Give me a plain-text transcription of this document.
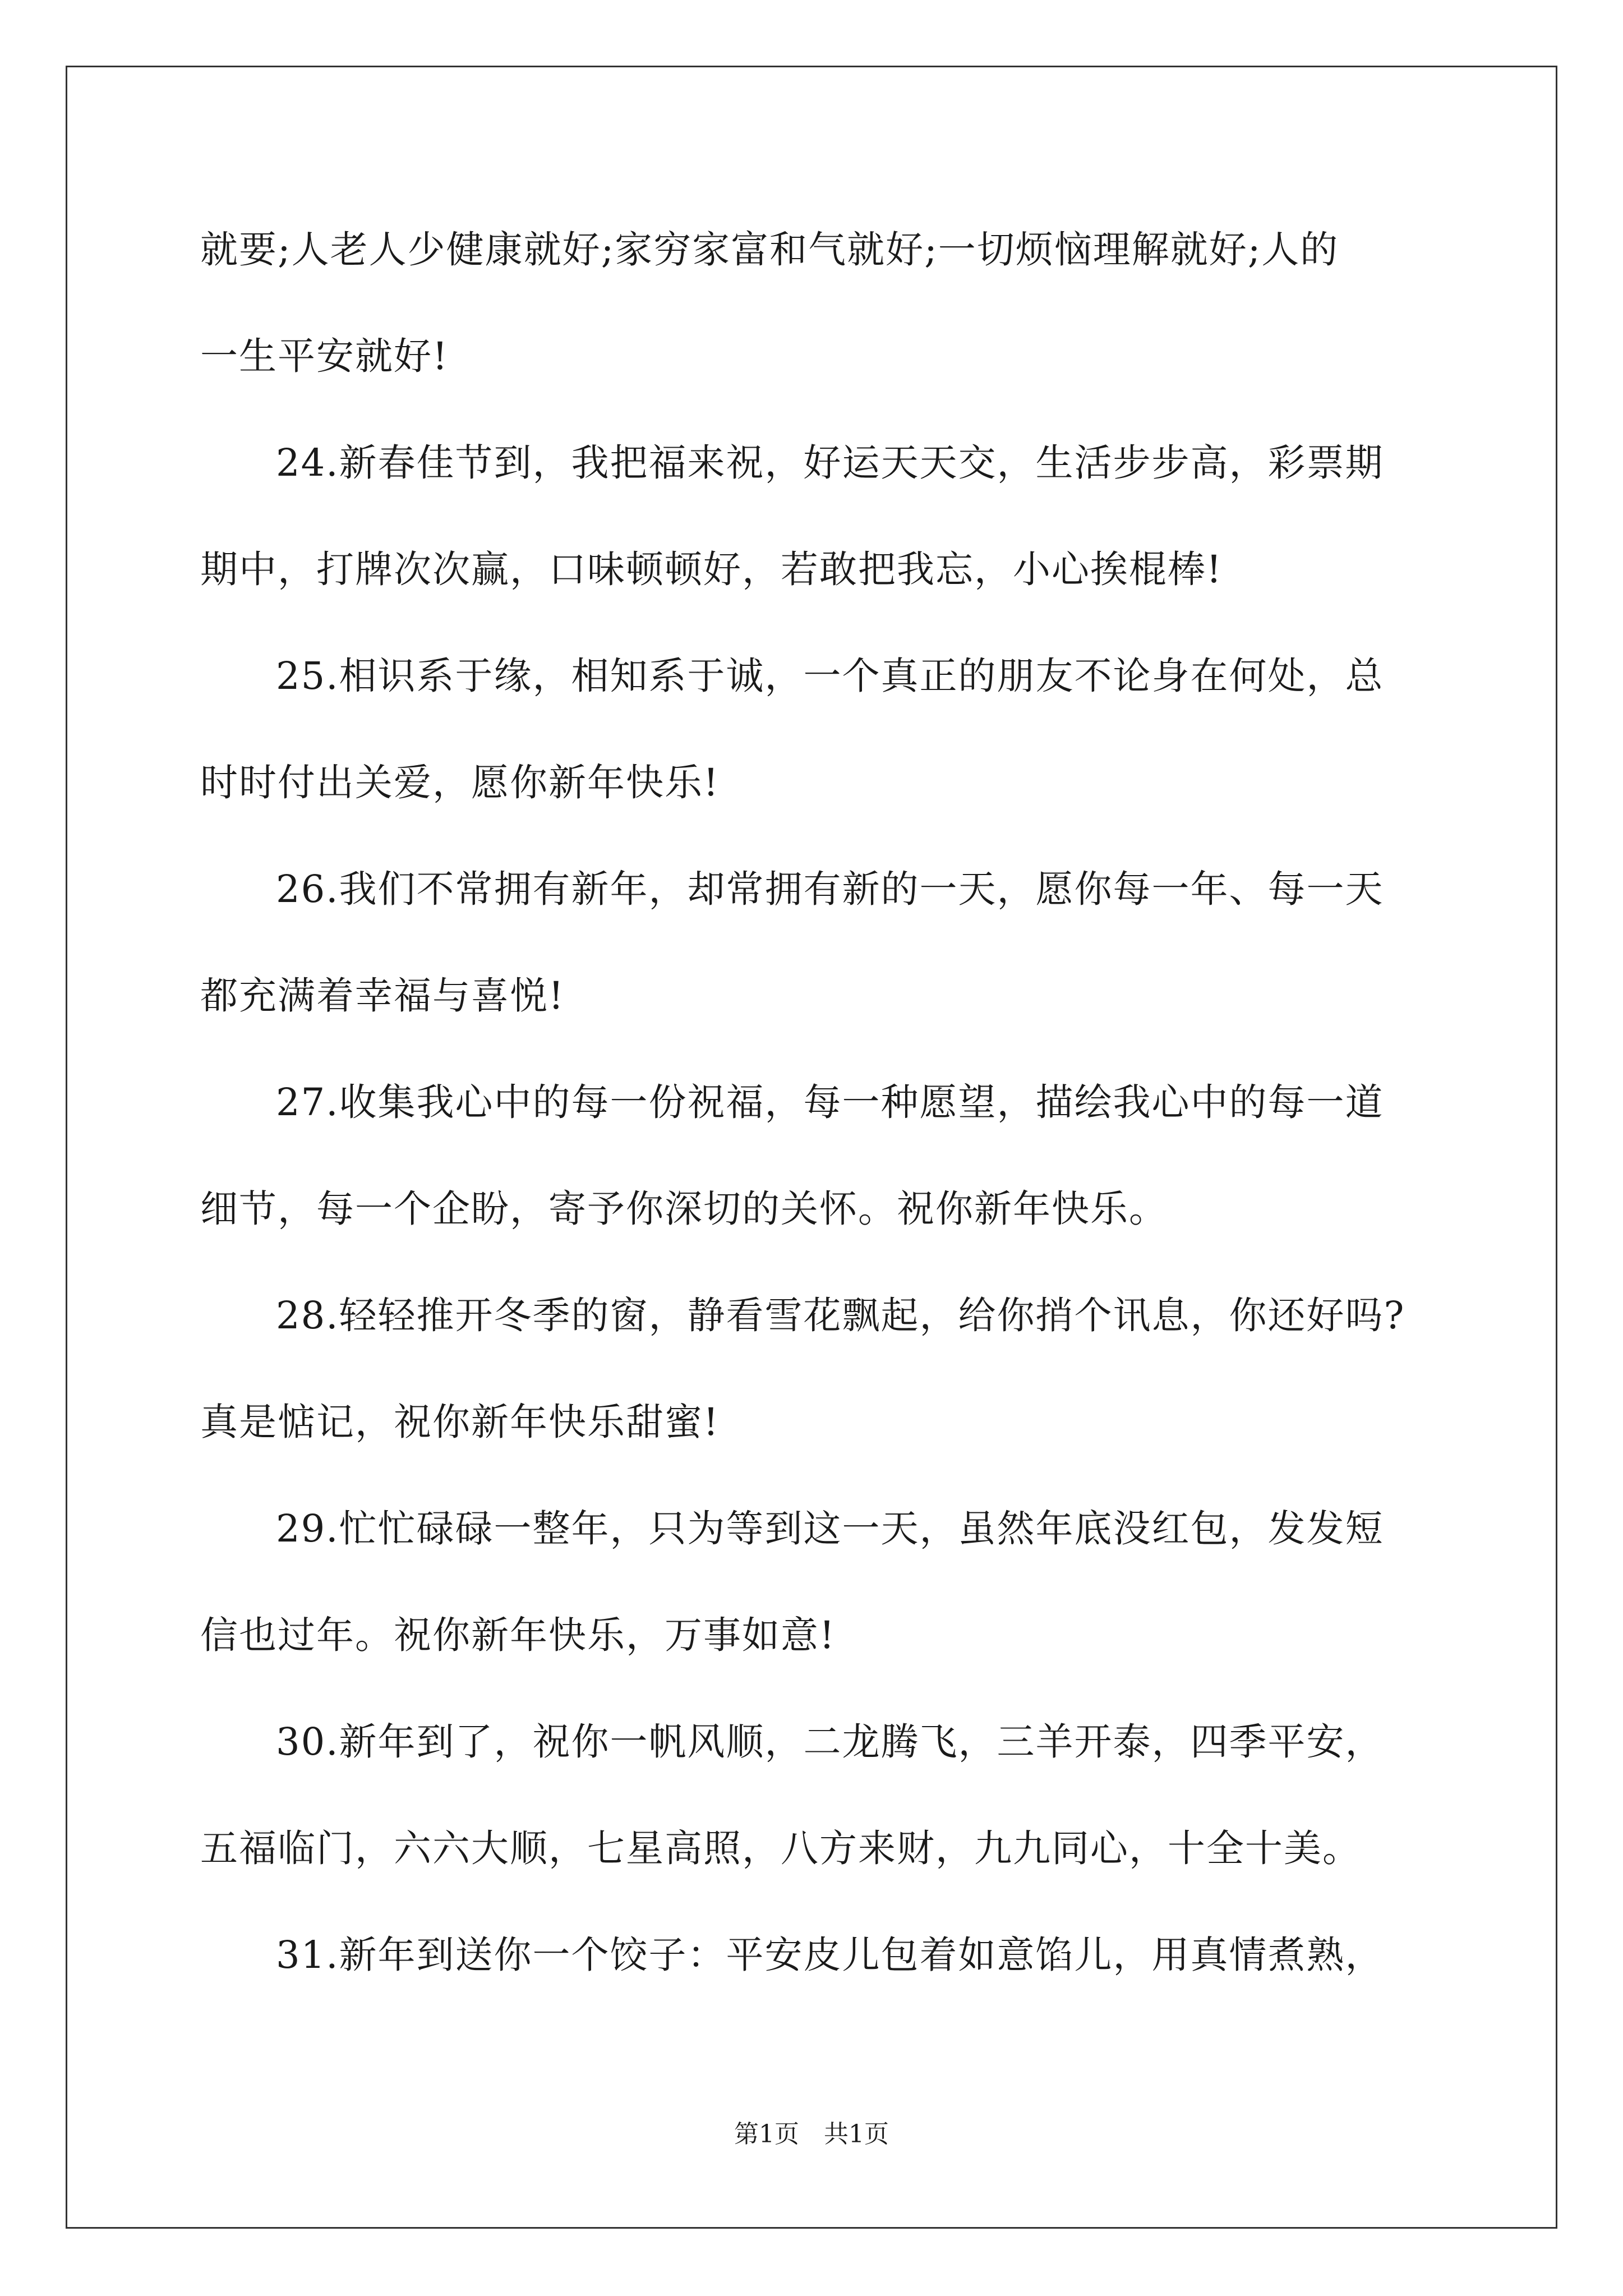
就要;人老人少健康就好;家穷家富和气就好;一切烦恼理解就好;人的
一生平安就好!
24.新春佳节到，我把福来祝，好运天天交，生活步步高，彩票期
期中，打牌次次赢，口味顿顿好，若敢把我忘，小心挨棍棒!
25.相识系于缘，相知系于诚，一个真正的朋友不论身在何处，总
时时付出关爱，愿你新年快乐!
26.我们不常拥有新年，却常拥有新的一天，愿你每一年、每一天
都充满着幸福与喜悦!
27.收集我心中的每一份祝福，每一种愿望，描绘我心中的每一道
细节，每一个企盼，寄予你深切的关怀。祝你新年快乐。
28.轻轻推开冬季的窗，静看雪花飘起，给你捎个讯息，你还好吗?
真是惦记，祝你新年快乐甜蜜!
29.忙忙碌碌一整年，只为等到这一天，虽然年底没红包，发发短
信也过年。祝你新年快乐，万事如意!
30.新年到了，祝你一帆风顺，二龙腾飞，三羊开泰，四季平安，
五福临门，六六大顺，七星高照，八方来财，九九同心，十全十美。
31.新年到送你一个饺子：平安皮儿包着如意馅儿，用真情煮熟，
第1页　共1页
